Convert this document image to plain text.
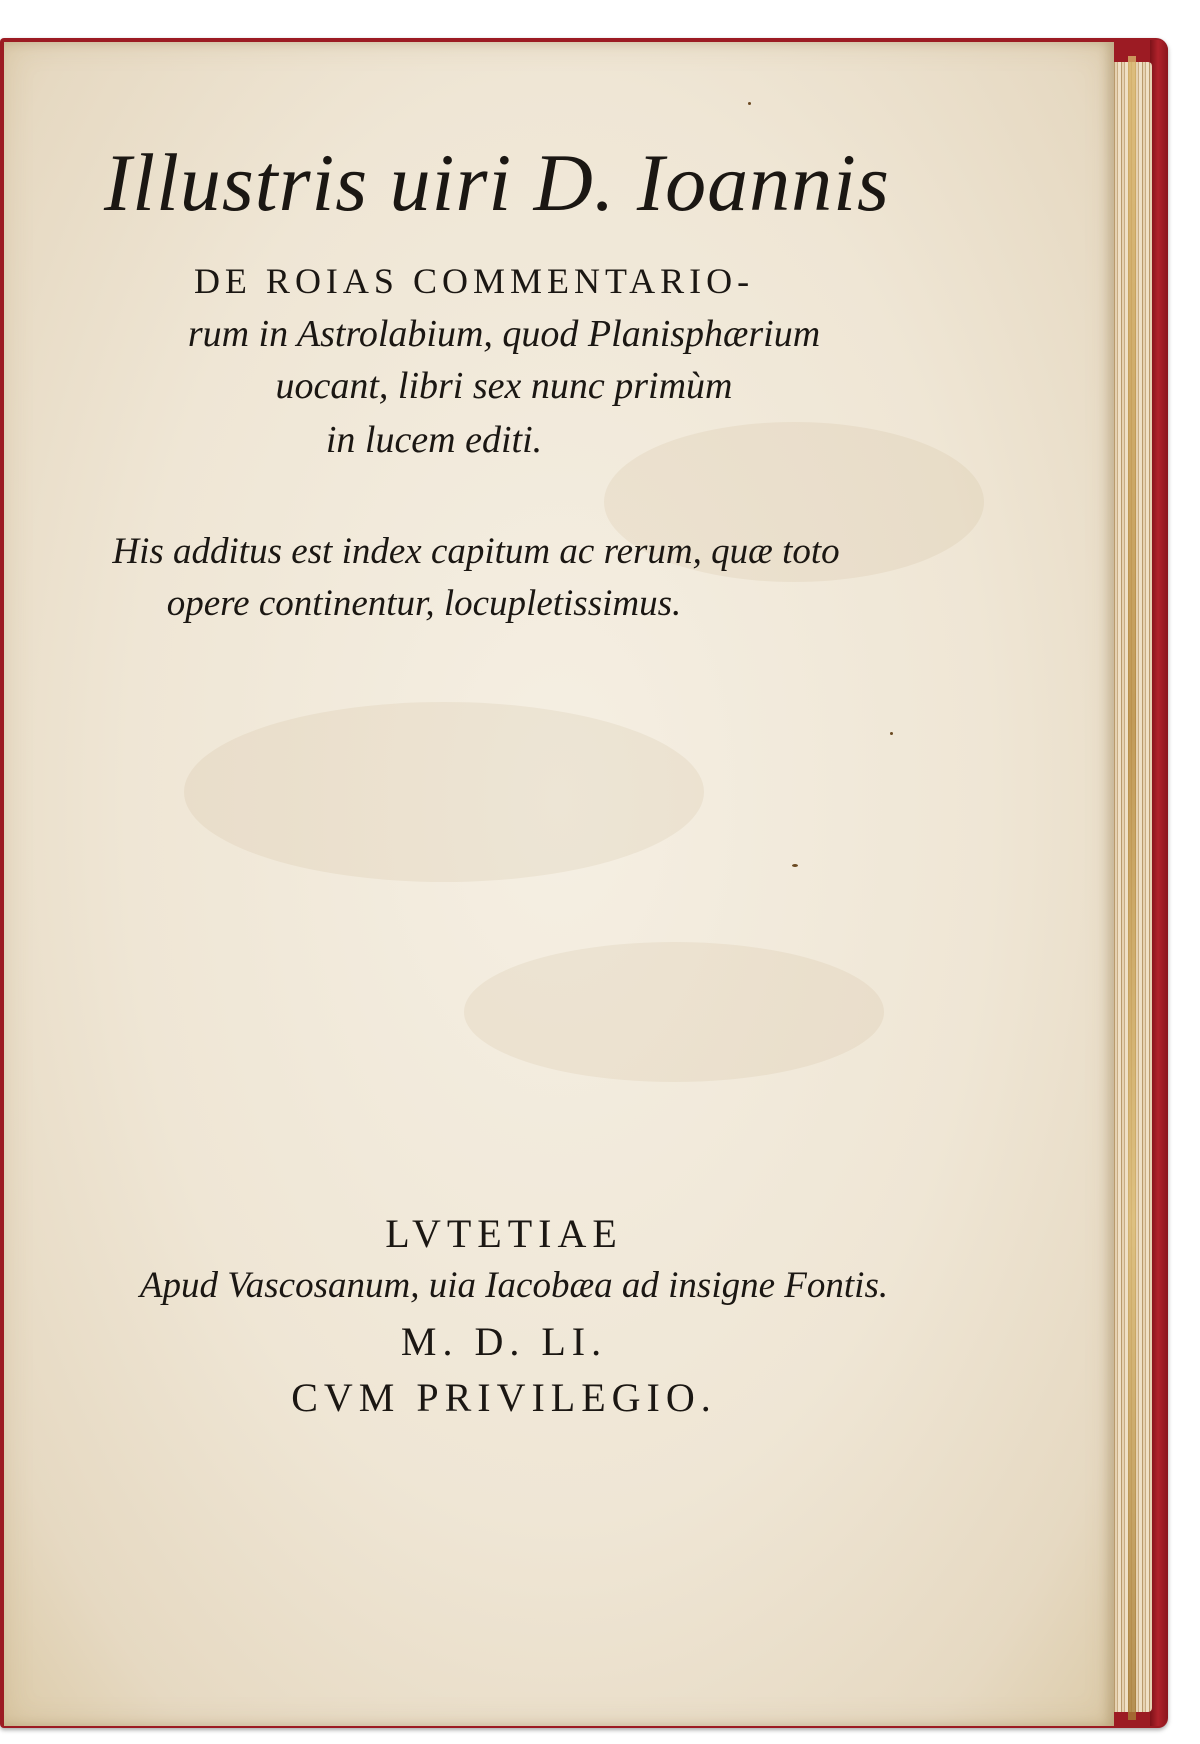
Illustris uiri D. Ioannis
DE ROIAS COMMENTARIO-
rum in Astrolabium, quod Planisphærium
uocant, libri sex nunc primùm
in lucem editi.
His additus est index capitum ac rerum, quæ toto
opere continentur, locupletissimus.
LVTETIAE
Apud Vascosanum, uia Iacobæa ad insigne Fontis.
M. D. LI.
CVM PRIVILEGIO.
